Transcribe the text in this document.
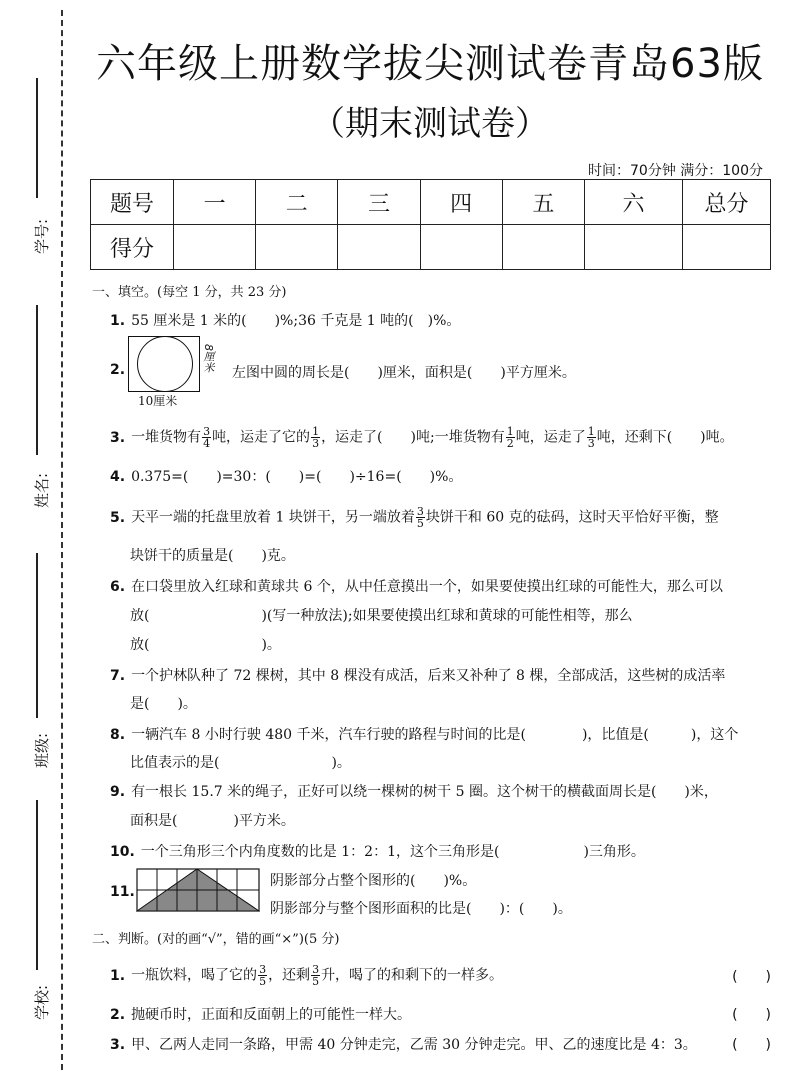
学号:
姓名:
班级:
学校:
六年级上册数学拔尖测试卷青岛63版
（期末测试卷）
时间：70分钟 满分：100分
题号	一	二	三	四	五	六	总分
得分							
一、填空。(每空 1 分，共 23 分)
1. 55 厘米是 1 米的(　　)%;36 千克是 1 吨的(　)%。
2.	8厘米
10厘米
左图中圆的周长是(　　)厘米，面积是(　　)平方厘米。
3. 一堆货物有 $\frac{3}{4}$ 吨，运走了它的 $\frac{1}{3}$ ，运走了(　　)吨;一堆货物有 $\frac{1}{2}$ 吨，运走了 $\frac{1}{3}$ 吨，还剩下(　　)吨。
4. 0.375=(　　)=30：(　　)=(　　)÷16=(　　)%。
5. 天平一端的托盘里放着 1 块饼干，另一端放着 $\frac{3}{5}$ 块饼干和 60 克的砝码，这时天平恰好平衡，整
块饼干的质量是(　　)克。
6. 在口袋里放入红球和黄球共 6 个，从中任意摸出一个，如果要使摸出红球的可能性大，那么可以
放(　　　　　　　　)(写一种放法);如果要使摸出红球和黄球的可能性相等，那么
放(　　　　　　　　)。
7. 一个护林队种了 72 棵树，其中 8 棵没有成活，后来又补种了 8 棵，全部成活，这些树的成活率
是(　　)。
8. 一辆汽车 8 小时行驶 480 千米，汽车行驶的路程与时间的比是(　　　　)，比值是(　　　)，这个
比值表示的是(　　　　　　　　)。
9. 有一根长 15.7 米的绳子，正好可以绕一棵树的树干 5 圈。这个树干的横截面周长是(　　)米，
面积是(　　　　)平方米。
10. 一个三角形三个内角度数的比是 1：2：1，这个三角形是(　　　　　　)三角形。
11.
阴影部分占整个图形的(　　)%。
阴影部分与整个图形面积的比是(　　)：(　　)。
二、判断。(对的画“√”，错的画“×”)(5 分)
1. 一瓶饮料，喝了它的 $\frac{3}{5}$ ，还剩 $\frac{3}{5}$ 升，喝了的和剩下的一样多。	(　　)
2. 抛硬币时，正面和反面朝上的可能性一样大。	(　　)
3. 甲、乙两人走同一条路，甲需 40 分钟走完，乙需 30 分钟走完。甲、乙的速度比是 4：3。	(　　)
